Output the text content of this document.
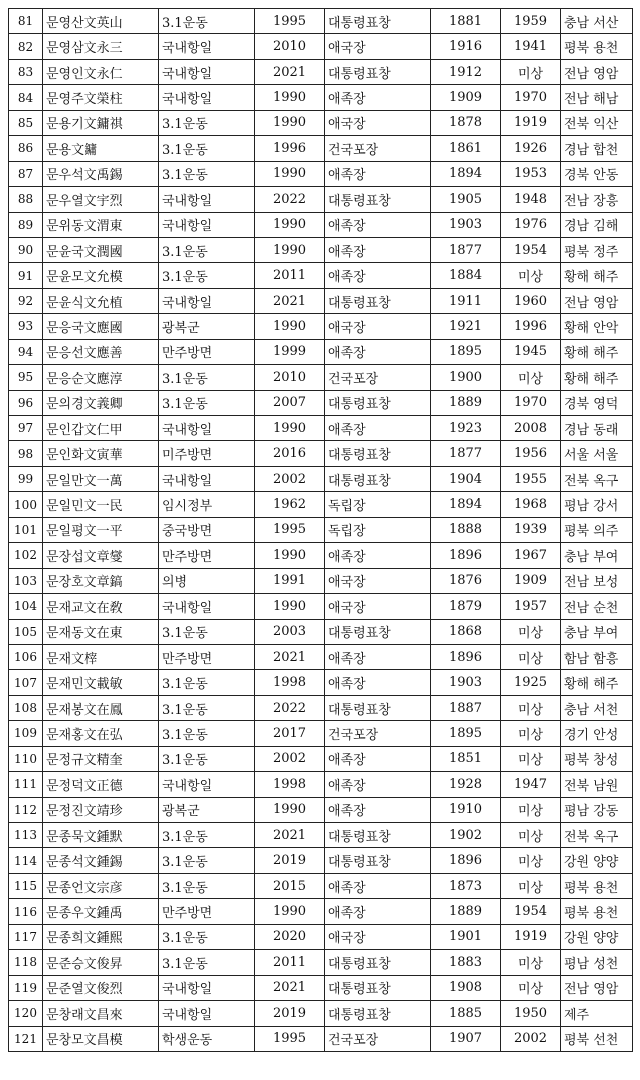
81	문영산文英山	3.1운동	1995	대통령표창	1881	1959	충남 서산
82	문영삼文永三	국내항일	2010	애국장	1916	1941	평북 용천
83	문영인文永仁	국내항일	2021	대통령표창	1912	미상	전남 영암
84	문영주文榮柱	국내항일	1990	애족장	1909	1970	전남 해남
85	문용기文鏞祺	3.1운동	1990	애국장	1878	1919	전북 익산
86	문용文鏞	3.1운동	1996	건국포장	1861	1926	경남 합천
87	문우석文禹錫	3.1운동	1990	애족장	1894	1953	경북 안동
88	문우열文宇烈	국내항일	2022	대통령표창	1905	1948	전남 장흥
89	문위동文渭東	국내항일	1990	애족장	1903	1976	경남 김해
90	문윤국文潤國	3.1운동	1990	애족장	1877	1954	평북 정주
91	문윤모文允模	3.1운동	2011	애족장	1884	미상	황해 해주
92	문윤식文允植	국내항일	2021	대통령표창	1911	1960	전남 영암
93	문응국文應國	광복군	1990	애국장	1921	1996	황해 안악
94	문응선文應善	만주방면	1999	애족장	1895	1945	황해 해주
95	문응순文應淳	3.1운동	2010	건국포장	1900	미상	황해 해주
96	문의경文義卿	3.1운동	2007	대통령표창	1889	1970	경북 영덕
97	문인갑文仁甲	국내항일	1990	애족장	1923	2008	경남 동래
98	문인화文寅華	미주방면	2016	대통령표창	1877	1956	서울 서울
99	문일만文一萬	국내항일	2002	대통령표창	1904	1955	전북 옥구
100	문일민文一民	임시정부	1962	독립장	1894	1968	평남 강서
101	문일평文一平	중국방면	1995	독립장	1888	1939	평북 의주
102	문장섭文章燮	만주방면	1990	애족장	1896	1967	충남 부여
103	문장호文章鎬	의병	1991	애국장	1876	1909	전남 보성
104	문재교文在敎	국내항일	1990	애국장	1879	1957	전남 순천
105	문재동文在東	3.1운동	2003	대통령표창	1868	미상	충남 부여
106	문재文榟	만주방면	2021	애족장	1896	미상	함남 함흥
107	문재민文載敏	3.1운동	1998	애족장	1903	1925	황해 해주
108	문재봉文在鳳	3.1운동	2022	대통령표창	1887	미상	충남 서천
109	문재홍文在弘	3.1운동	2017	건국포장	1895	미상	경기 안성
110	문정규文精奎	3.1운동	2002	애족장	1851	미상	평북 창성
111	문정덕文正德	국내항일	1998	애족장	1928	1947	전북 남원
112	문정진文靖珍	광복군	1990	애족장	1910	미상	평남 강동
113	문종묵文鍾默	3.1운동	2021	대통령표창	1902	미상	전북 옥구
114	문종석文鍾錫	3.1운동	2019	대통령표창	1896	미상	강원 양양
115	문종언文宗彦	3.1운동	2015	애족장	1873	미상	평북 용천
116	문종우文鍾禹	만주방면	1990	애족장	1889	1954	평북 용천
117	문종희文鍾熙	3.1운동	2020	애국장	1901	1919	강원 양양
118	문준승文俊昇	3.1운동	2011	대통령표창	1883	미상	평남 성천
119	문준열文俊烈	국내항일	2021	대통령표창	1908	미상	전남 영암
120	문창래文昌來	국내항일	2019	대통령표창	1885	1950	제주
121	문창모文昌模	학생운동	1995	건국포장	1907	2002	평북 선천
